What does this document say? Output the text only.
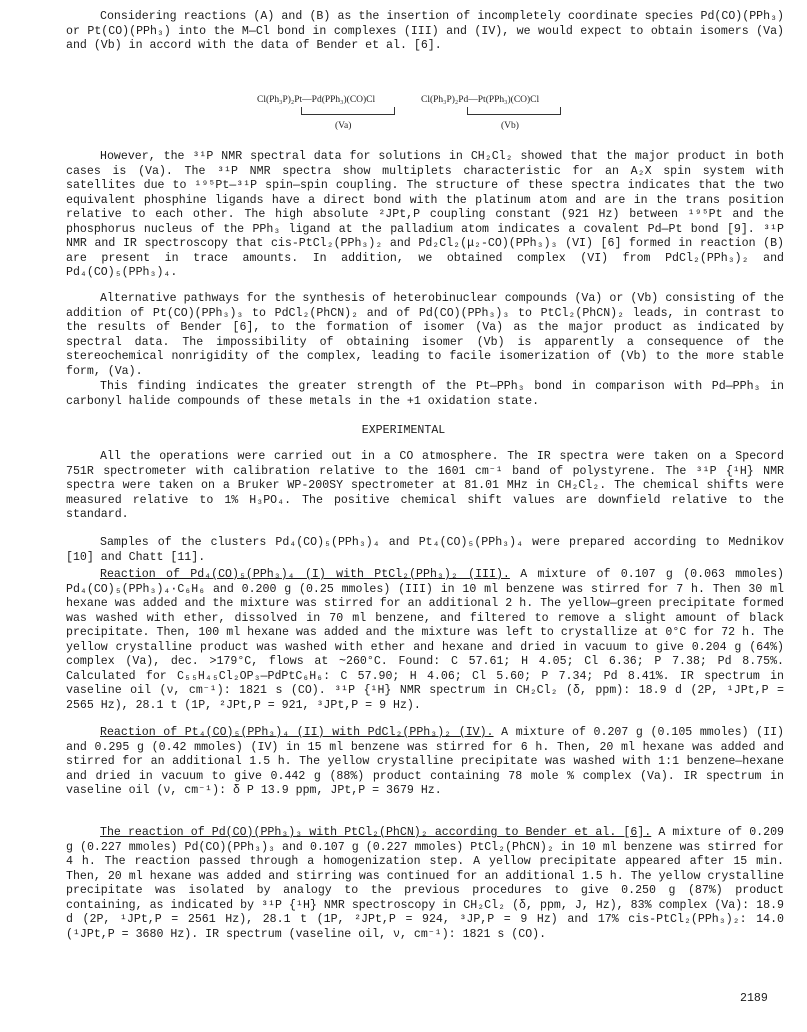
Considering reactions (A) and (B) as the insertion of incompletely coordinate species Pd(CO)(PPh₃) or Pt(CO)(PPh₃) into the M—Cl bond in complexes (III) and (IV), we would expect to obtain isomers (Va) and (Vb) in accord with the data of Bender et al. [6].

Cl(Ph₃P)₂Pt—Pd(PPh₃)(CO)Cl
(Va)
Cl(Ph₃P)₂Pd—Pt(PPh₃)(CO)Cl
(Vb)

However, the ³¹P NMR spectral data for solutions in CH₂Cl₂ showed that the major product in both cases is (Va). The ³¹P NMR spectra show multiplets characteristic for an A₂X spin system with satellites due to ¹⁹⁵Pt—³¹P spin—spin coupling. The structure of these spectra indicates that the two equivalent phosphine ligands have a direct bond with the platinum atom and are in the trans position relative to each other. The high absolute ²JPt,P coupling constant (921 Hz) between ¹⁹⁵Pt and the phosphorus nucleus of the PPh₃ ligand at the palladium atom indicates a covalent Pd—Pt bond [9]. ³¹P NMR and IR spectroscopy that cis-PtCl₂(PPh₃)₂ and Pd₂Cl₂(μ₂-CO)(PPh₃)₃ (VI) [6] formed in reaction (B) are present in trace amounts. In addition, we obtained complex (VI) from PdCl₂(PPh₃)₂ and Pd₄(CO)₅(PPh₃)₄.

Alternative pathways for the synthesis of heterobinuclear compounds (Va) or (Vb) consisting of the addition of Pt(CO)(PPh₃)₃ to PdCl₂(PhCN)₂ and of Pd(CO)(PPh₃)₃ to PtCl₂(PhCN)₂ leads, in contrast to the results of Bender [6], to the formation of isomer (Va) as the major product as indicated by spectral data. The impossibility of obtaining isomer (Vb) is apparently a consequence of the stereochemical nonrigidity of the complex, leading to facile isomerization of (Vb) to the more stable form, (Va).

This finding indicates the greater strength of the Pt—PPh₃ bond in comparison with Pd—PPh₃ in carbonyl halide compounds of these metals in the +1 oxidation state.

EXPERIMENTAL

All the operations were carried out in a CO atmosphere. The IR spectra were taken on a Specord 751R spectrometer with calibration relative to the 1601 cm⁻¹ band of polystyrene. The ³¹P {¹H} NMR spectra were taken on a Bruker WP-200SY spectrometer at 81.01 MHz in CH₂Cl₂. The chemical shifts were measured relative to 1% H₃PO₄. The positive chemical shift values are downfield relative to the standard.

Samples of the clusters Pd₄(CO)₅(PPh₃)₄ and Pt₄(CO)₅(PPh₃)₄ were prepared according to Mednikov [10] and Chatt [11].

Reaction of Pd₄(CO)₅(PPh₃)₄ (I) with PtCl₂(PPh₃)₂ (III). A mixture of 0.107 g (0.063 mmoles) Pd₄(CO)₅(PPh₃)₄·C₆H₆ and 0.200 g (0.25 mmoles) (III) in 10 ml benzene was stirred for 7 h. Then 30 ml hexane was added and the mixture was stirred for an additional 2 h. The yellow—green precipitate formed was washed with ether, dissolved in 70 ml benzene, and filtered to remove a slight amount of black precipitate. Then, 100 ml hexane was added and the mixture was left to crystallize at 0°C for 72 h. The yellow crystalline product was washed with ether and hexane and dried in vacuum to give 0.204 g (64%) complex (Va), dec. >179°C, flows at ~260°C. Found: C 57.61; H 4.05; Cl 6.36; P 7.38; Pd 8.75%. Calculated for C₅₅H₄₅Cl₂OP₃—PdPtC₆H₆: C 57.90; H 4.06; Cl 5.60; P 7.34; Pd 8.41%. IR spectrum in vaseline oil (ν, cm⁻¹): 1821 s (CO). ³¹P {¹H} NMR spectrum in CH₂Cl₂ (δ, ppm): 18.9 d (2P, ¹JPt,P = 2565 Hz), 28.1 t (1P, ²JPt,P = 921, ³JPt,P = 9 Hz).

Reaction of Pt₄(CO)₅(PPh₃)₄ (II) with PdCl₂(PPh₃)₂ (IV). A mixture of 0.207 g (0.105 mmoles) (II) and 0.295 g (0.42 mmoles) (IV) in 15 ml benzene was stirred for 6 h. Then, 20 ml hexane was added and stirred for an additional 1.5 h. The yellow crystalline precipitate was washed with 1:1 benzene—hexane and dried in vacuum to give 0.442 g (88%) product containing 78 mole % complex (Va). IR spectrum in vaseline oil (ν, cm⁻¹): δ P 13.9 ppm, JPt,P = 3679 Hz.

The reaction of Pd(CO)(PPh₃)₃ with PtCl₂(PhCN)₂ according to Bender et al. [6]. A mixture of 0.209 g (0.227 mmoles) Pd(CO)(PPh₃)₃ and 0.107 g (0.227 mmoles) PtCl₂(PhCN)₂ in 10 ml benzene was stirred for 4 h. The reaction passed through a homogenization step. A yellow precipitate appeared after 15 min. Then, 20 ml hexane was added and stirring was continued for an additional 1.5 h. The yellow crystalline precipitate was isolated by analogy to the previous procedures to give 0.250 g (87%) product containing, as indicated by ³¹P {¹H} NMR spectroscopy in CH₂Cl₂ (δ, ppm, J, Hz), 83% complex (Va): 18.9 d (2P, ¹JPt,P = 2561 Hz), 28.1 t (1P, ²JPt,P = 924, ³JP,P = 9 Hz) and 17% cis-PtCl₂(PPh₃)₂: 14.0 (¹JPt,P = 3680 Hz). IR spectrum (vaseline oil, ν, cm⁻¹): 1821 s (CO).

2189
